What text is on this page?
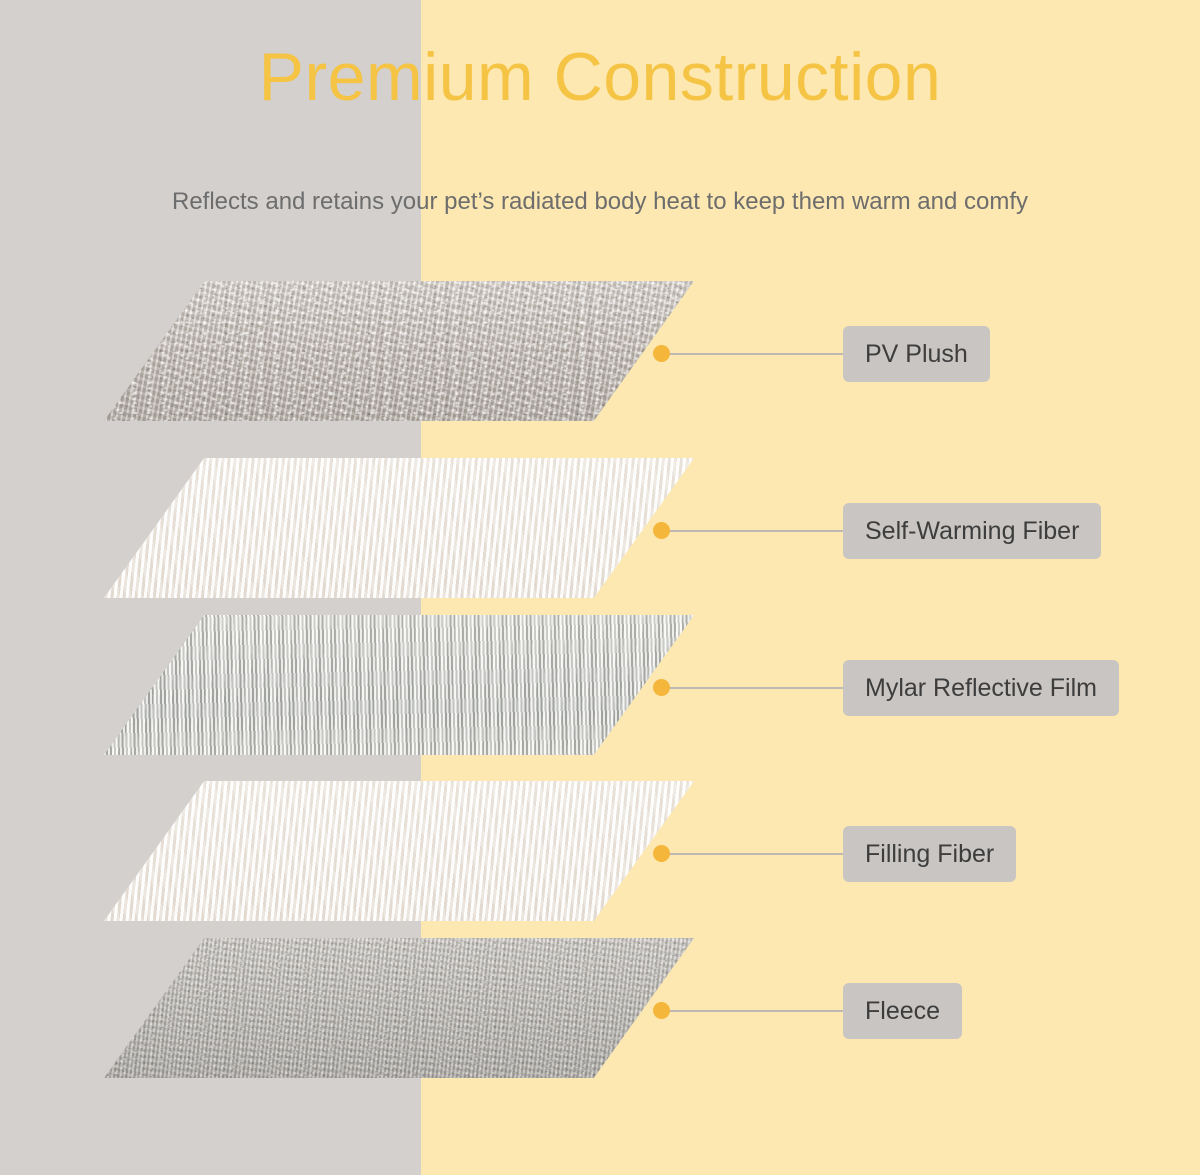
Premium Construction
Reflects and retains your pet’s radiated body heat to keep them warm and comfy
PV Plush
Self-Warming Fiber
Mylar Reflective Film
Filling Fiber
Fleece
